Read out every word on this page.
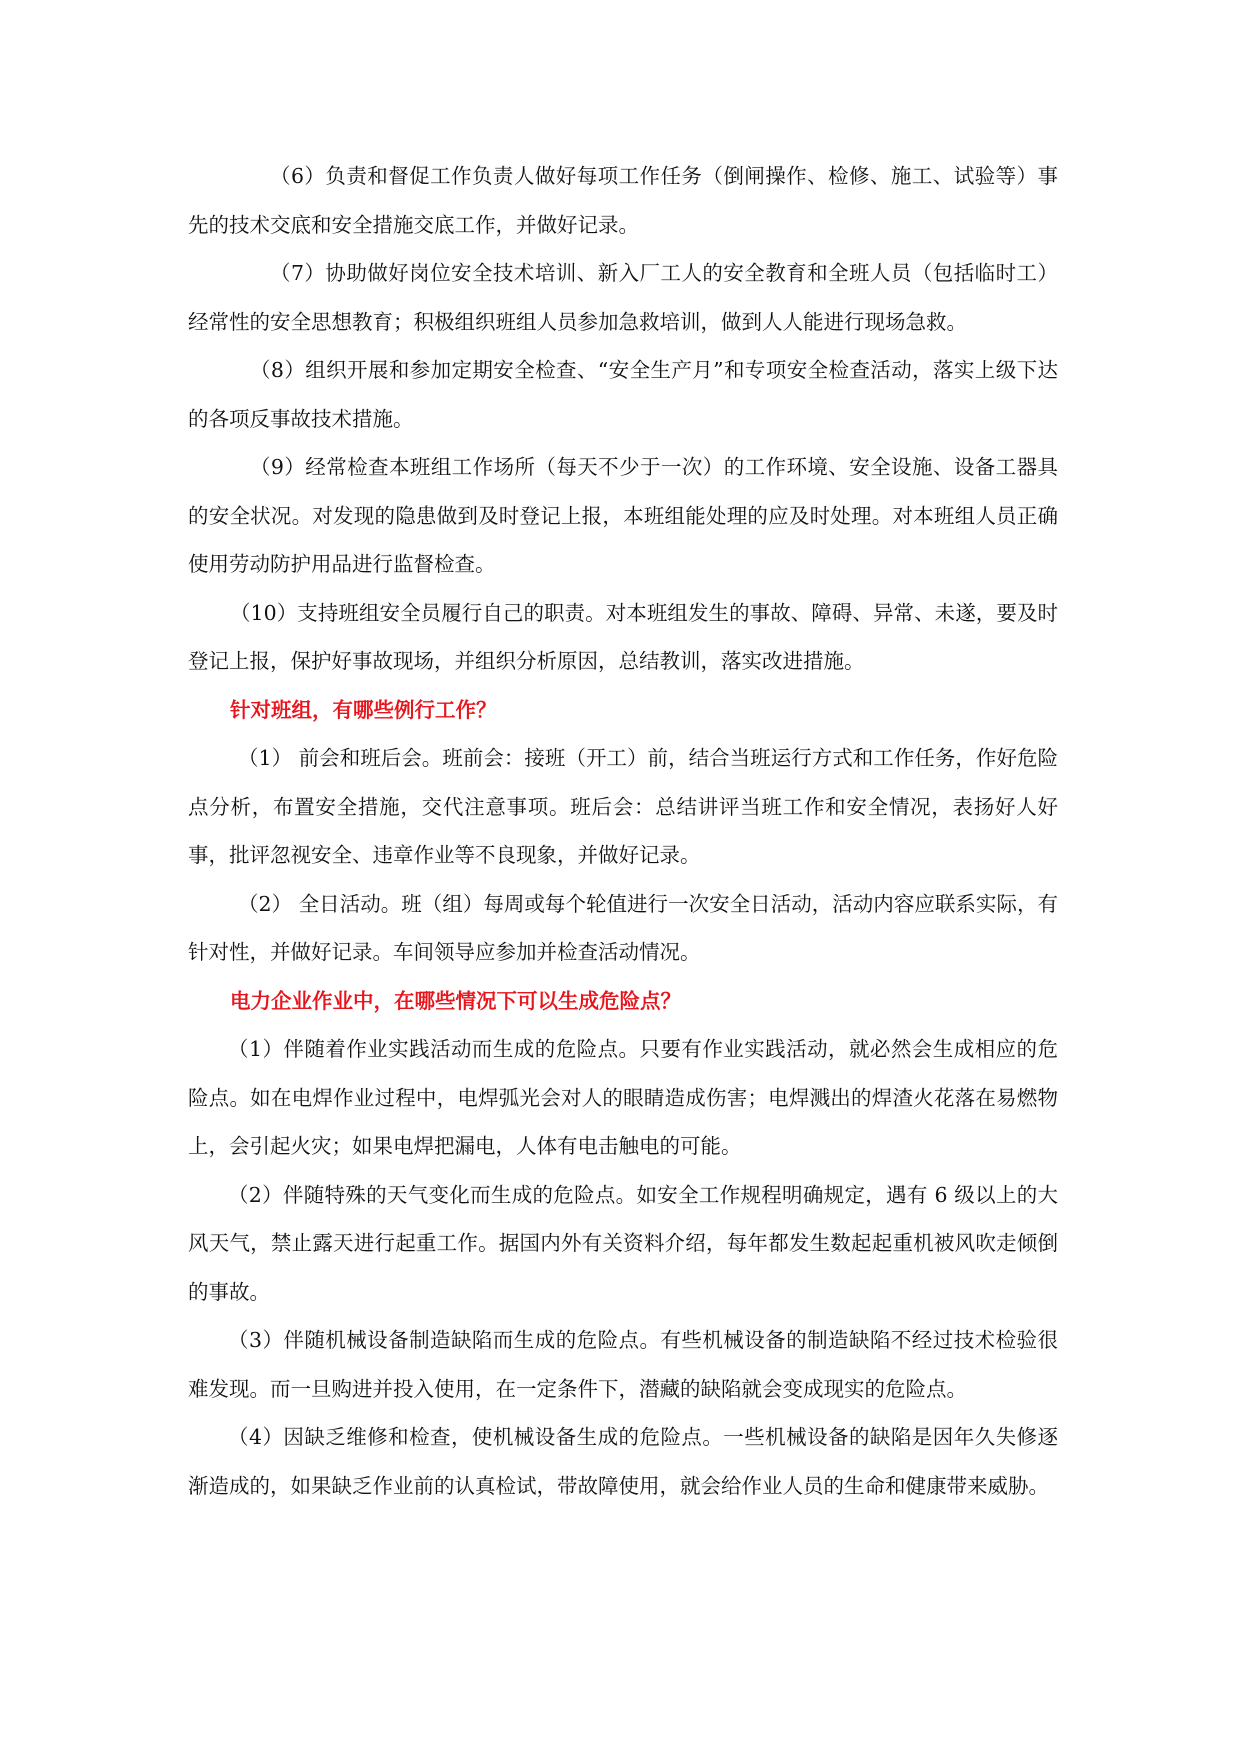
（6）负责和督促工作负责人做好每项工作任务（倒闸操作、检修、施工、试验等）事先的技术交底和安全措施交底工作，并做好记录。

（7）协助做好岗位安全技术培训、新入厂工人的安全教育和全班人员（包括临时工）经常性的安全思想教育；积极组织班组人员参加急救培训，做到人人能进行现场急救。

（8）组织开展和参加定期安全检查、“安全生产月”和专项安全检查活动，落实上级下达的各项反事故技术措施。

（9）经常检查本班组工作场所（每天不少于一次）的工作环境、安全设施、设备工器具的安全状况。对发现的隐患做到及时登记上报，本班组能处理的应及时处理。对本班组人员正确使用劳动防护用品进行监督检查。

（10）支持班组安全员履行自己的职责。对本班组发生的事故、障碍、异常、未遂，要及时登记上报，保护好事故现场，并组织分析原因，总结教训，落实改进措施。

针对班组，有哪些例行工作？

（1） 前会和班后会。班前会：接班（开工）前，结合当班运行方式和工作任务，作好危险点分析，布置安全措施，交代注意事项。班后会：总结讲评当班工作和安全情况，表扬好人好事，批评忽视安全、违章作业等不良现象，并做好记录。

（2） 全日活动。班（组）每周或每个轮值进行一次安全日活动，活动内容应联系实际，有针对性，并做好记录。车间领导应参加并检查活动情况。

电力企业作业中，在哪些情况下可以生成危险点？

（1）伴随着作业实践活动而生成的危险点。只要有作业实践活动，就必然会生成相应的危险点。如在电焊作业过程中，电焊弧光会对人的眼睛造成伤害；电焊溅出的焊渣火花落在易燃物上，会引起火灾；如果电焊把漏电，人体有电击触电的可能。

（2）伴随特殊的天气变化而生成的危险点。如安全工作规程明确规定，遇有 6 级以上的大风天气，禁止露天进行起重工作。据国内外有关资料介绍，每年都发生数起起重机被风吹走倾倒的事故。

（3）伴随机械设备制造缺陷而生成的危险点。有些机械设备的制造缺陷不经过技术检验很难发现。而一旦购进并投入使用，在一定条件下，潜藏的缺陷就会变成现实的危险点。

（4）因缺乏维修和检查，使机械设备生成的危险点。一些机械设备的缺陷是因年久失修逐渐造成的，如果缺乏作业前的认真检试，带故障使用，就会给作业人员的生命和健康带来威胁。
